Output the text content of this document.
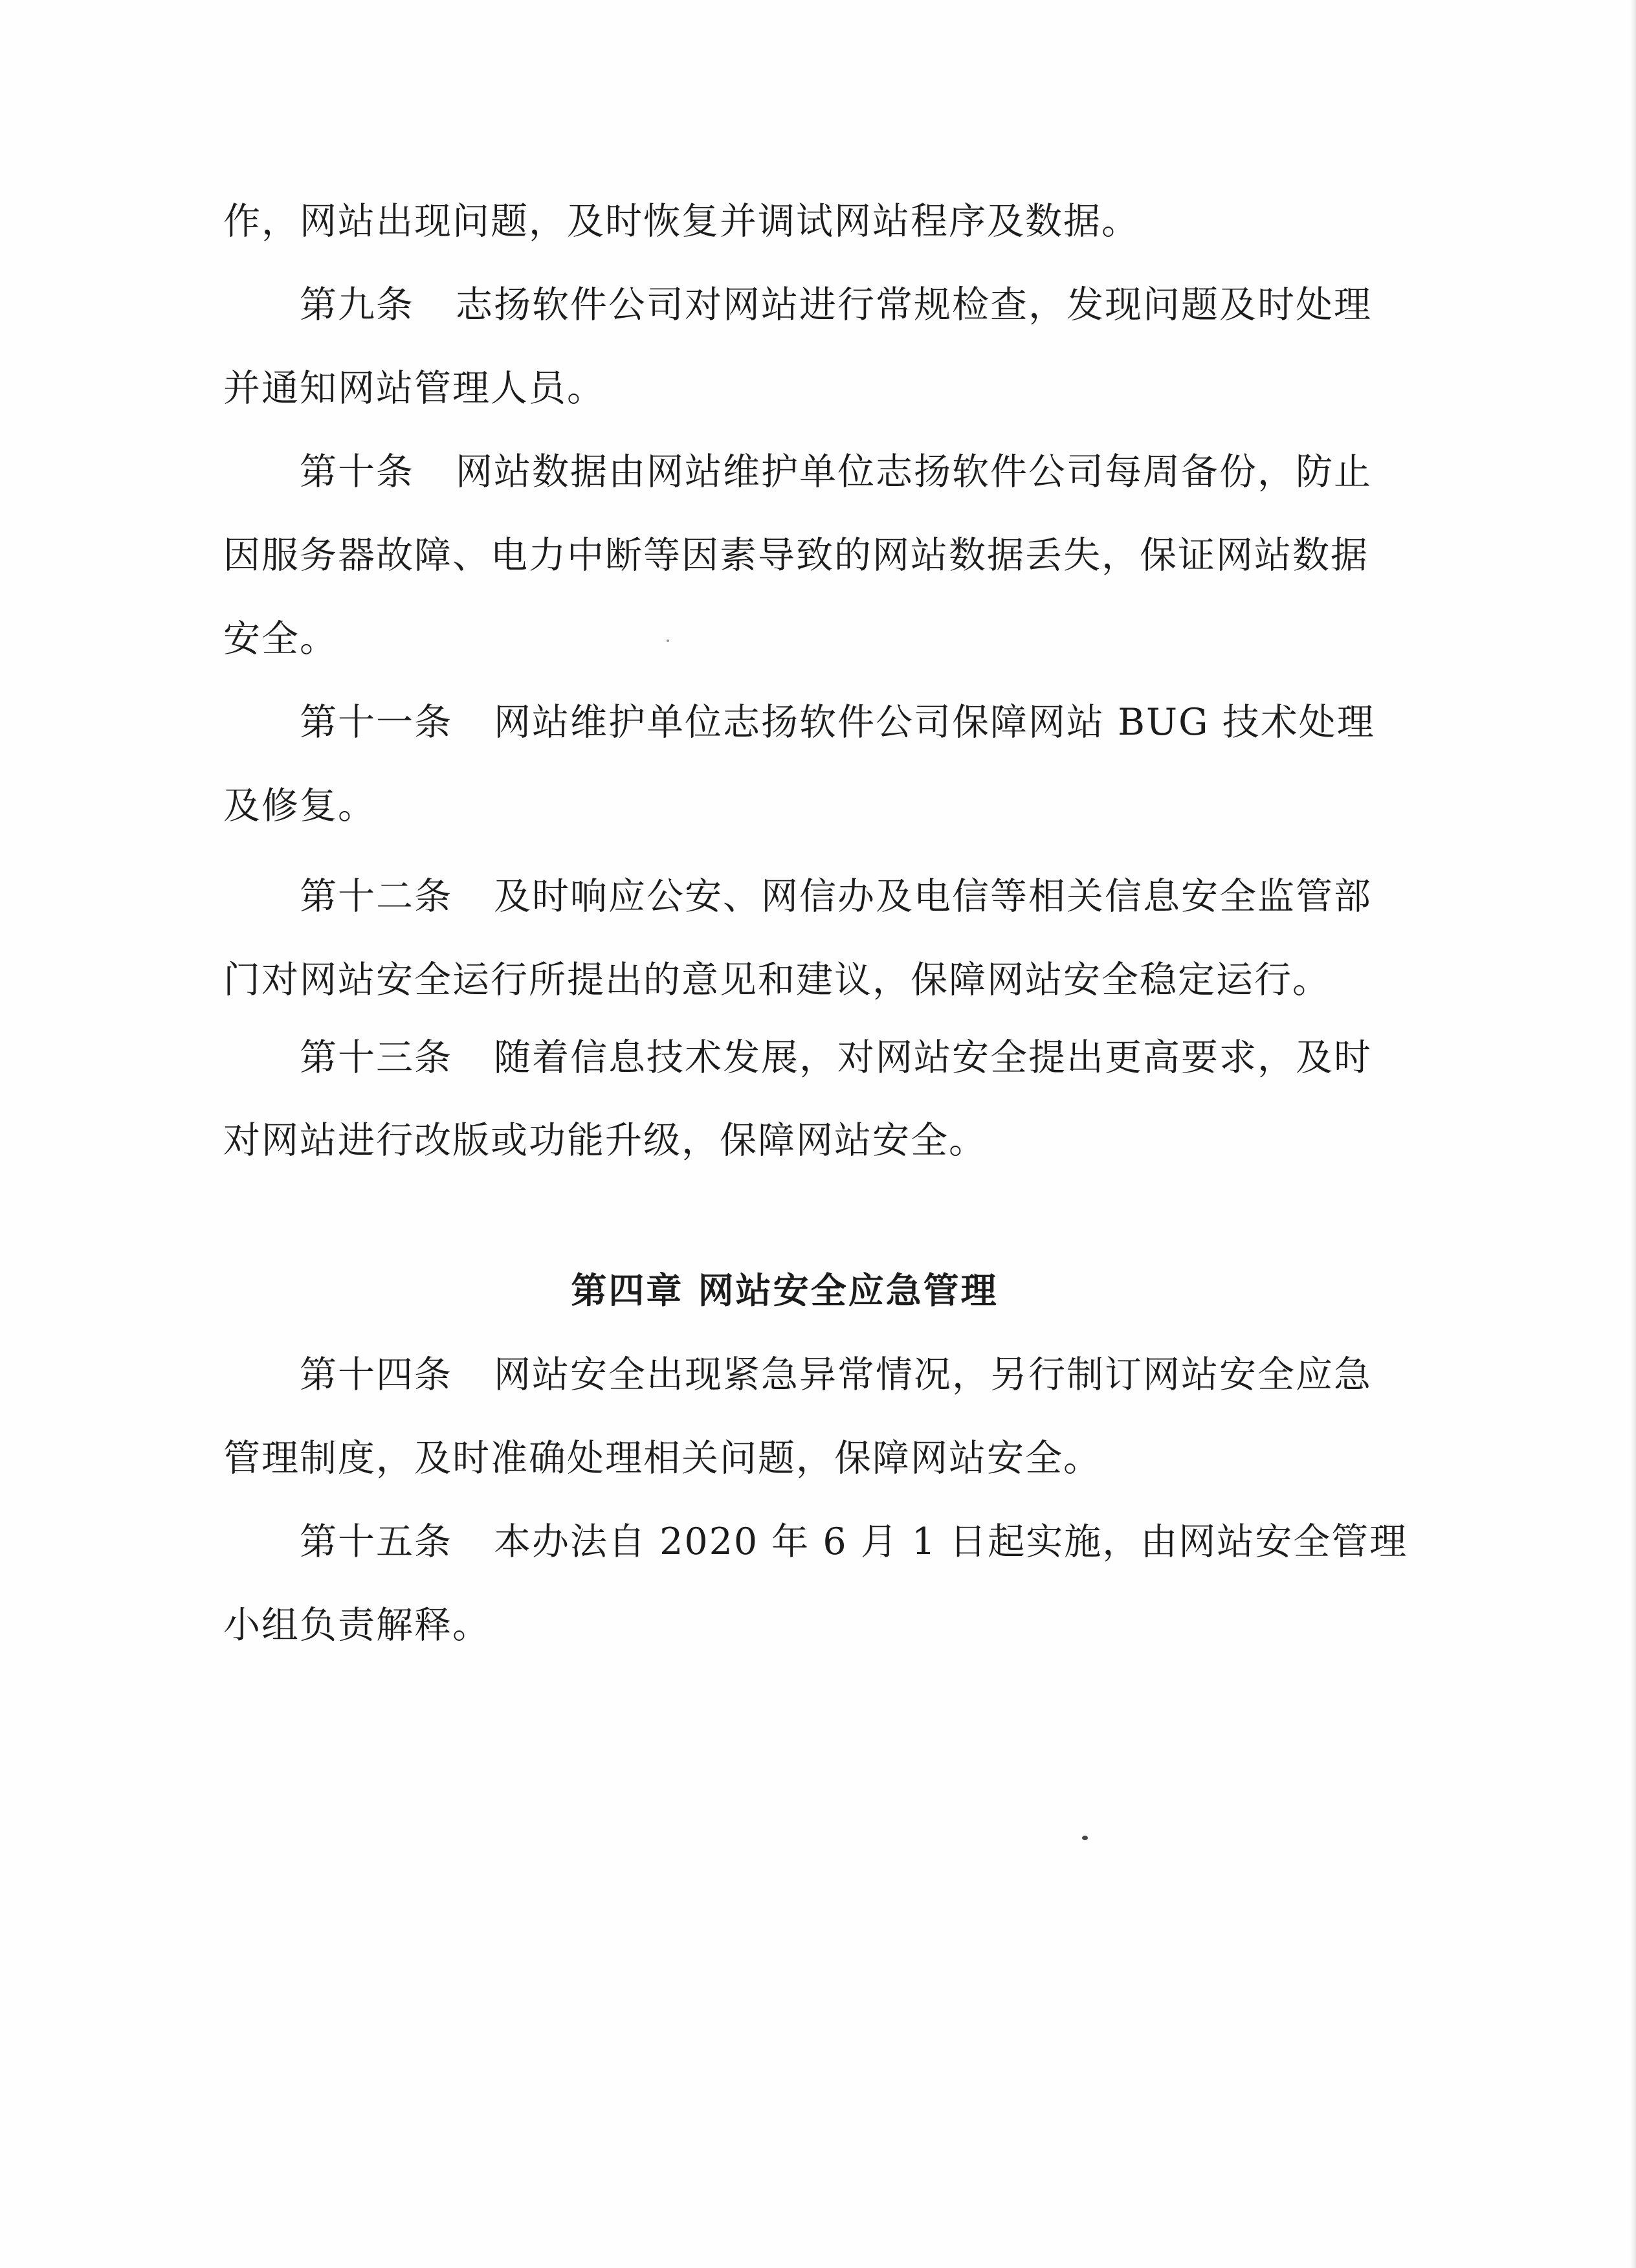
作，网站出现问题，及时恢复并调试网站程序及数据。
第九条 志扬软件公司对网站进行常规检查，发现问题及时处理
并通知网站管理人员。
第十条 网站数据由网站维护单位志扬软件公司每周备份，防止
因服务器故障、电力中断等因素导致的网站数据丢失，保证网站数据
安全。
第十一条 网站维护单位志扬软件公司保障网站 BUG 技术处理
及修复。
第十二条 及时响应公安、网信办及电信等相关信息安全监管部
门对网站安全运行所提出的意见和建议，保障网站安全稳定运行。
第十三条 随着信息技术发展，对网站安全提出更高要求，及时
对网站进行改版或功能升级，保障网站安全。
第四章 网站安全应急管理
第十四条 网站安全出现紧急异常情况，另行制订网站安全应急
管理制度，及时准确处理相关问题，保障网站安全。
第十五条 本办法自 2020 年 6 月 1 日起实施，由网站安全管理
小组负责解释。
